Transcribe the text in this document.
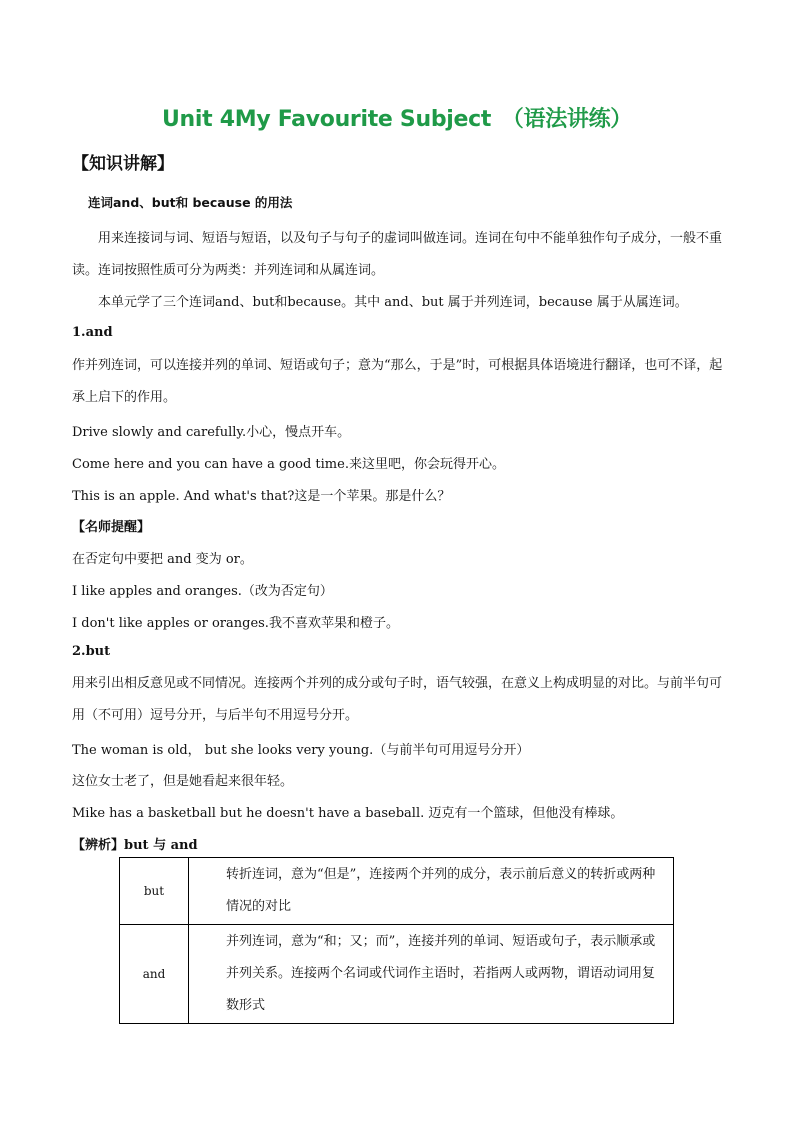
Unit 4My Favourite Subject　（语法讲练）
【知识讲解】
连词and、but和 because 的用法
用来连接词与词、短语与短语，以及句子与句子的虚词叫做连词。连词在句中不能单独作句子成分，一般不重读。连词按照性质可分为两类：并列连词和从属连词。
本单元学了三个连词and、but和because。其中 and、but 属于并列连词，because 属于从属连词。
1.and
作并列连词，可以连接并列的单词、短语或句子；意为“那么，于是”时，可根据具体语境进行翻译，也可不译，起承上启下的作用。
Drive slowly and carefully.小心，慢点开车。
Come here and you can have a good time.来这里吧，你会玩得开心。
This is an apple. And what's that?这是一个苹果。那是什么？
【名师提醒】
在否定句中要把 and 变为 or。
I like apples and oranges.（改为否定句）
I don't like apples or oranges.我不喜欢苹果和橙子。
2.but
用来引出相反意见或不同情况。连接两个并列的成分或句子时，语气较强，在意义上构成明显的对比。与前半句可用（不可用）逗号分开，与后半句不用逗号分开。
The woman is old， but she looks very young.（与前半句可用逗号分开）
这位女士老了，但是她看起来很年轻。
Mike has a basketball but he doesn't have a baseball. 迈克有一个篮球，但他没有棒球。
【辨析】but 与 and
but	转折连词，意为“但是”，连接两个并列的成分，表示前后意义的转折或两种情况的对比
and	并列连词，意为“和；又；而”，连接并列的单词、短语或句子，表示顺承或并列关系。连接两个名词或代词作主语时，若指两人或两物，谓语动词用复数形式
